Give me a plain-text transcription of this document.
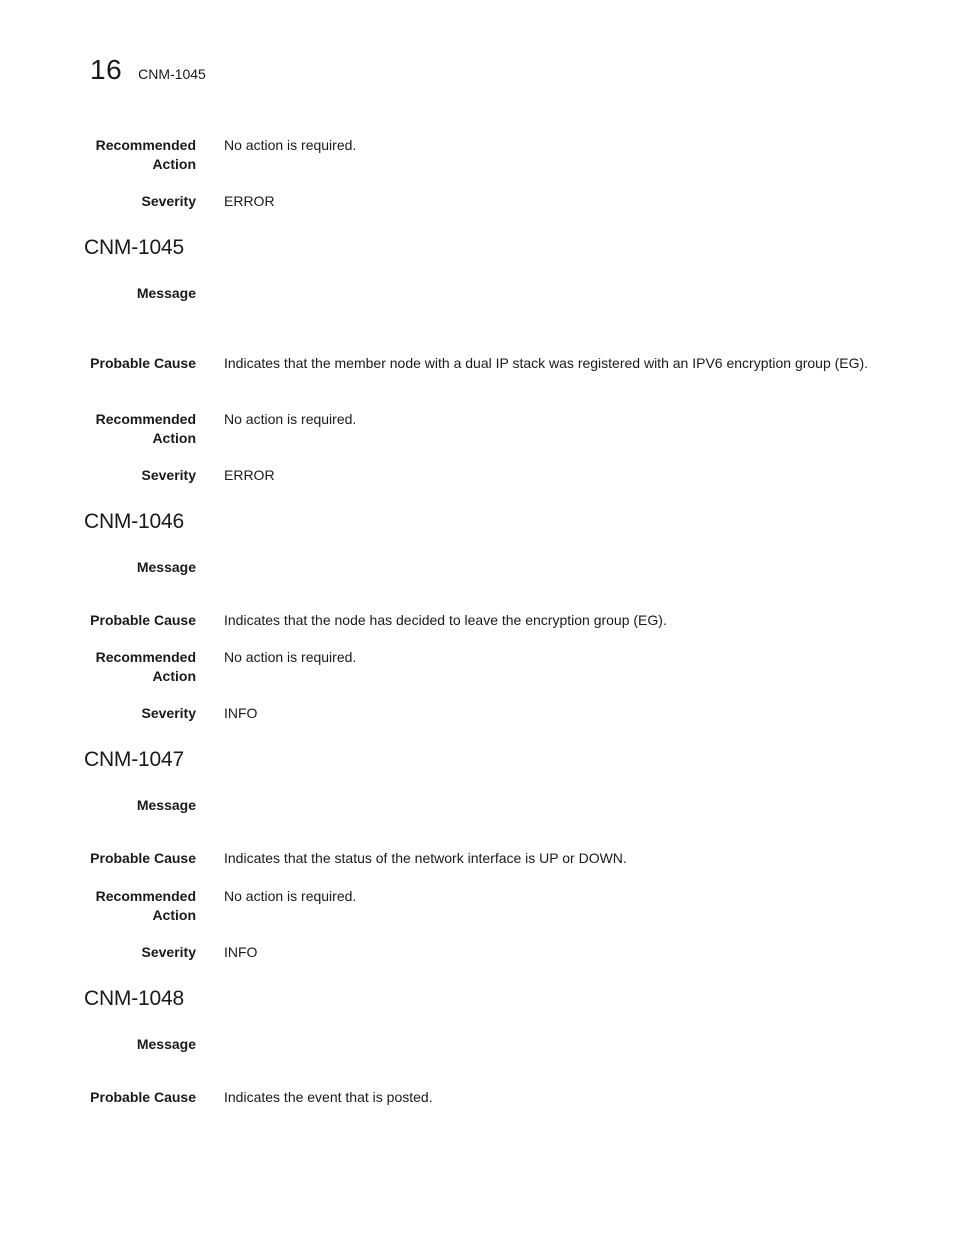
16 CNM-1045
Recommended
Action
No action is required.
Severity ERROR
CNM-1045
Message
Probable Cause Indicates that the member node with a dual IP stack was registered with an IPV6 encryption group (EG).
Recommended
Action
No action is required.
Severity ERROR
CNM-1046
Message
Probable Cause Indicates that the node has decided to leave the encryption group (EG).
Recommended
Action
No action is required.
Severity INFO
CNM-1047
Message
Probable Cause Indicates that the status of the network interface is UP or DOWN.
Recommended
Action
No action is required.
Severity INFO
CNM-1048
Message
Probable Cause Indicates the event that is posted.
